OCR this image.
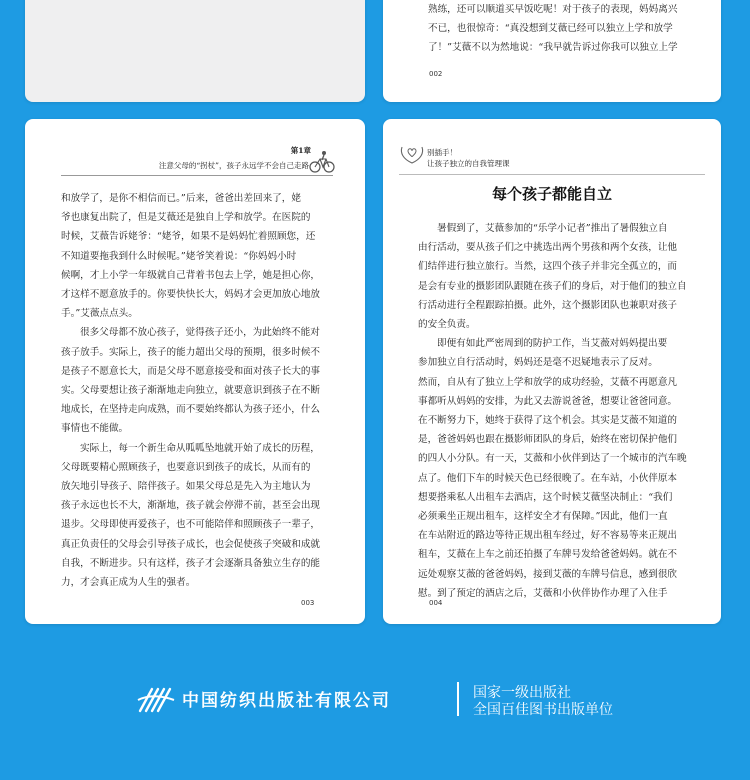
熟练，还可以顺道买早饭吃呢！对于孩子的表现，妈妈离兴
不已，也很惊奇：“真没想到艾薇已经可以独立上学和放学
了！”艾薇不以为然地说：“我早就告诉过你我可以独立上学
002
第1章
注意父母的“拐杖”，孩子永远学不会自己走路
和放学了，是你不相信而已。”后来，爸爸出差回来了，姥
爷也康复出院了，但是艾薇还是独自上学和放学。在医院的
时候，艾薇告诉姥爷：“姥爷，如果不是妈妈忙着照顾您，还
不知道要拖我到什么时候呢。”姥爷笑着说：“你妈妈小时
候啊，才上小学一年级就自己背着书包去上学，她是担心你，
才这样不愿意放手的。你要快快长大，妈妈才会更加放心地放
手。”艾薇点点头。
很多父母都不放心孩子，觉得孩子还小，为此始终不能对
孩子放手。实际上，孩子的能力超出父母的预期，很多时候不
是孩子不愿意长大，而是父母不愿意接受和面对孩子长大的事
实。父母要想让孩子渐渐地走向独立，就要意识到孩子在不断
地成长，在坚持走向成熟，而不要始终都认为孩子还小，什么
事情也不能做。
实际上，每一个新生命从呱呱坠地就开始了成长的历程，
父母既要精心照顾孩子，也要意识到孩子的成长，从而有的
放矢地引导孩子、陪伴孩子。如果父母总是先入为主地认为
孩子永远也长不大，渐渐地，孩子就会停滞不前，甚至会出现
退步。父母即使再爱孩子，也不可能陪伴和照顾孩子一辈子，
真正负责任的父母会引导孩子成长，也会促使孩子突破和成就
自我，不断进步。只有这样，孩子才会逐渐具备独立生存的能
力，才会真正成为人生的强者。
003
别插手！
让孩子独立的自我管理课
每个孩子都能自立
暑假到了，艾薇参加的“乐学小记者”推出了暑假独立自
由行活动，要从孩子们之中挑选出两个男孩和两个女孩，让他
们结伴进行独立旅行。当然，这四个孩子并非完全孤立的，而
是会有专业的摄影团队跟随在孩子们的身后，对于他们的独立自
行活动进行全程跟踪拍摄。此外，这个摄影团队也兼职对孩子
的安全负责。
即便有如此严密周到的防护工作，当艾薇对妈妈提出要
参加独立自行活动时，妈妈还是毫不迟疑地表示了反对。
然而，自从有了独立上学和放学的成功经验，艾薇不再愿意凡
事都听从妈妈的安排，为此又去游说爸爸，想要让爸爸同意。
在不断努力下，她终于获得了这个机会。其实是艾薇不知道的
是，爸爸妈妈也跟在摄影师团队的身后，始终在密切保护他们
的四人小分队。有一天，艾薇和小伙伴到达了一个城市的汽车晚
点了。他们下车的时候天色已经很晚了。在车站，小伙伴原本
想要搭乘私人出租车去酒店，这个时候艾薇坚决制止：“我们
必须乘坐正规出租车，这样安全才有保障。”因此，他们一直
在车站附近的路边等待正规出租车经过，好不容易等来正规出
租车，艾薇在上车之前还拍摄了车牌号发给爸爸妈妈。就在不
远处观察艾薇的爸爸妈妈，接到艾薇的车牌号信息，感到很欣
慰。到了预定的酒店之后，艾薇和小伙伴协作办理了入住手
004
中国纺织出版社有限公司	国家一级出版社
全国百佳图书出版单位
